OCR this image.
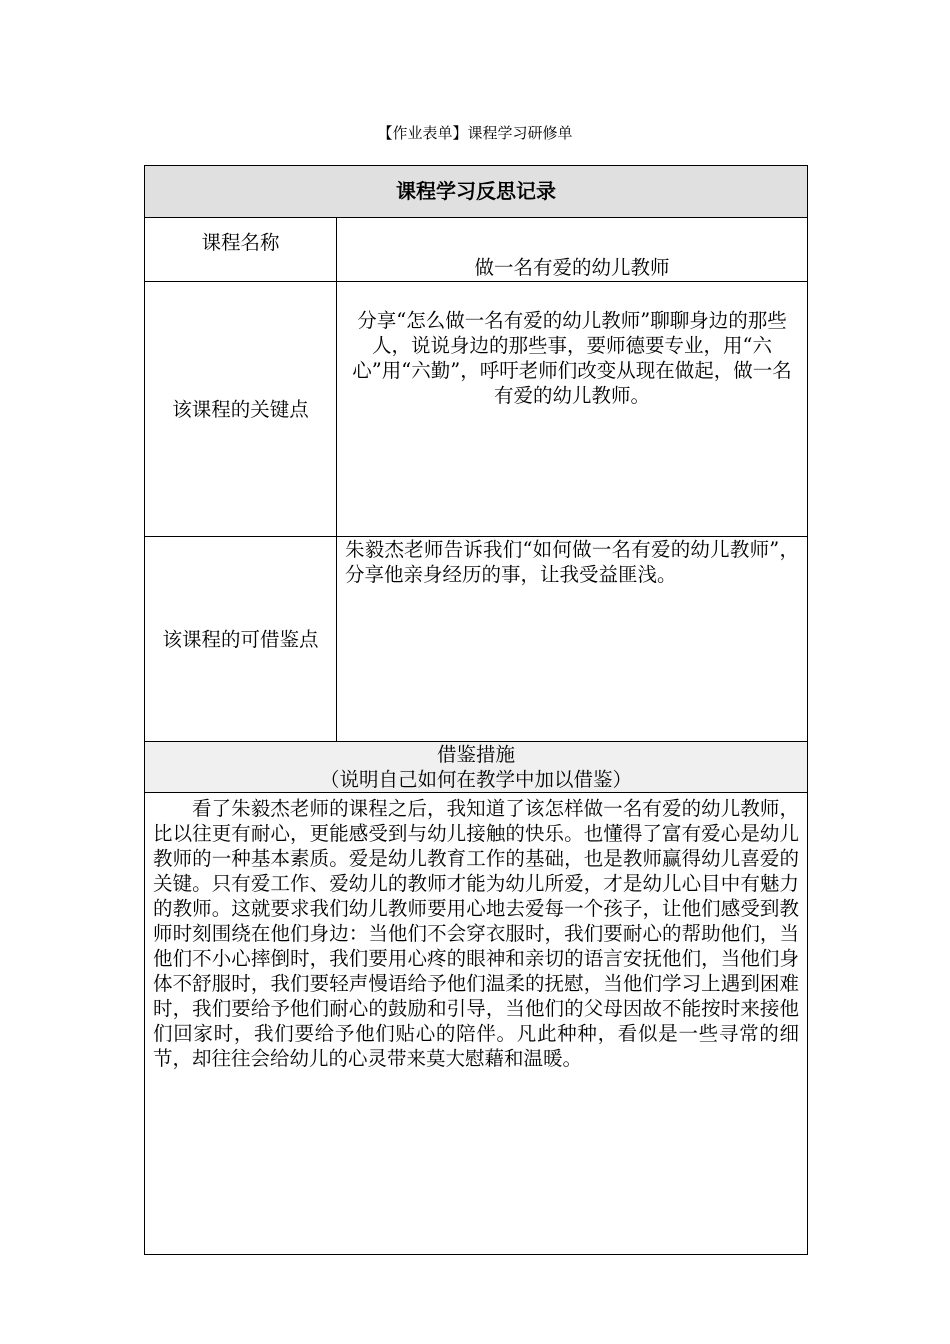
【作业表单】课程学习研修单
课程学习反思记录	
课程名称	做一名有爱的幼儿教师
该课程的关键点	分享“怎么做一名有爱的幼儿教师”聊聊身边的那些人，说说身边的那些事，要师德要专业，用“六心”用“六勤”，呼吁老师们改变从现在做起，做一名有爱的幼儿教师。
该课程的可借鉴点	朱毅杰老师告诉我们“如何做一名有爱的幼儿教师”，分享他亲身经历的事，让我受益匪浅。

借鉴措施
（说明自己如何在教学中加以借鉴）	

看了朱毅杰老师的课程之后，我知道了该怎样做一名有爱的幼儿教师，比以往更有耐心，更能感受到与幼儿接触的快乐。也懂得了富有爱心是幼儿教师的一种基本素质。爱是幼儿教育工作的基础，也是教师赢得幼儿喜爱的关键。只有爱工作、爱幼儿的教师才能为幼儿所爱，才是幼儿心目中有魅力的教师。这就要求我们幼儿教师要用心地去爱每一个孩子，让他们感受到教师时刻围绕在他们身边：当他们不会穿衣服时，我们要耐心的帮助他们，当他们不小心摔倒时，我们要用心疼的眼神和亲切的语言安抚他们，当他们身体不舒服时，我们要轻声慢语给予他们温柔的抚慰，当他们学习上遇到困难时，我们要给予他们耐心的鼓励和引导，当他们的父母因故不能按时来接他们回家时，我们要给予他们贴心的陪伴。凡此种种，看似是一些寻常的细节，却往往会给幼儿的心灵带来莫大慰藉和温暖。	
